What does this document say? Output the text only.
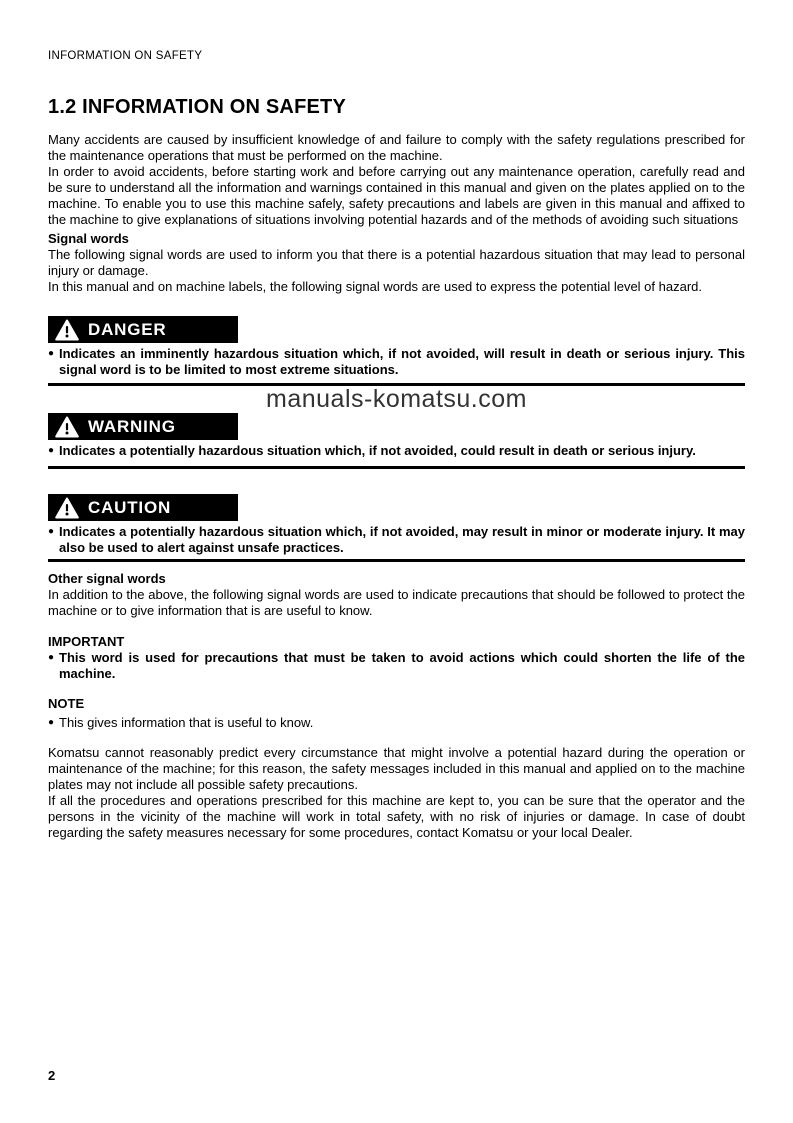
INFORMATION ON SAFETY
1.2 INFORMATION ON SAFETY

Many accidents are caused by insufficient knowledge of and failure to comply with the safety regulations prescribed for the maintenance operations that must be performed on the machine.

In order to avoid accidents, before starting work and before carrying out any maintenance operation, carefully read and be sure to understand all the information and warnings contained in this manual and given on the plates applied on to the machine. To enable you to use this machine safely, safety precautions and labels are given in this manual and affixed to the machine to give explanations of situations involving potential hazards and of the methods of avoiding such situations

Signal words

The following signal words are used to inform you that there is a potential hazardous situation that may lead to personal injury or damage.

In this manual and on machine labels, the following signal words are used to express the potential level of hazard.

DANGER
● Indicates an imminently hazardous situation which, if not avoided, will result in death or serious injury. This signal word is to be limited to most extreme situations.
manuals-komatsu.com
WARNING
● Indicates a potentially hazardous situation which, if not avoided, could result in death or serious injury.
CAUTION
● Indicates a potentially hazardous situation which, if not avoided, may result in minor or moderate injury. It may also be used to alert against unsafe practices.
Other signal words

In addition to the above, the following signal words are used to indicate precautions that should be followed to protect the machine or to give information that is are useful to know.

IMPORTANT
● This word is used for precautions that must be taken to avoid actions which could shorten the life of the machine.
NOTE
● This gives information that is useful to know.

Komatsu cannot reasonably predict every circumstance that might involve a potential hazard during the operation or maintenance of the machine; for this reason, the safety messages included in this manual and applied on to the machine plates may not include all possible safety precautions.

If all the procedures and operations prescribed for this machine are kept to, you can be sure that the operator and the persons in the vicinity of the machine will work in total safety, with no risk of injuries or damage. In case of doubt regarding the safety measures necessary for some procedures, contact Komatsu or your local Dealer.

2
